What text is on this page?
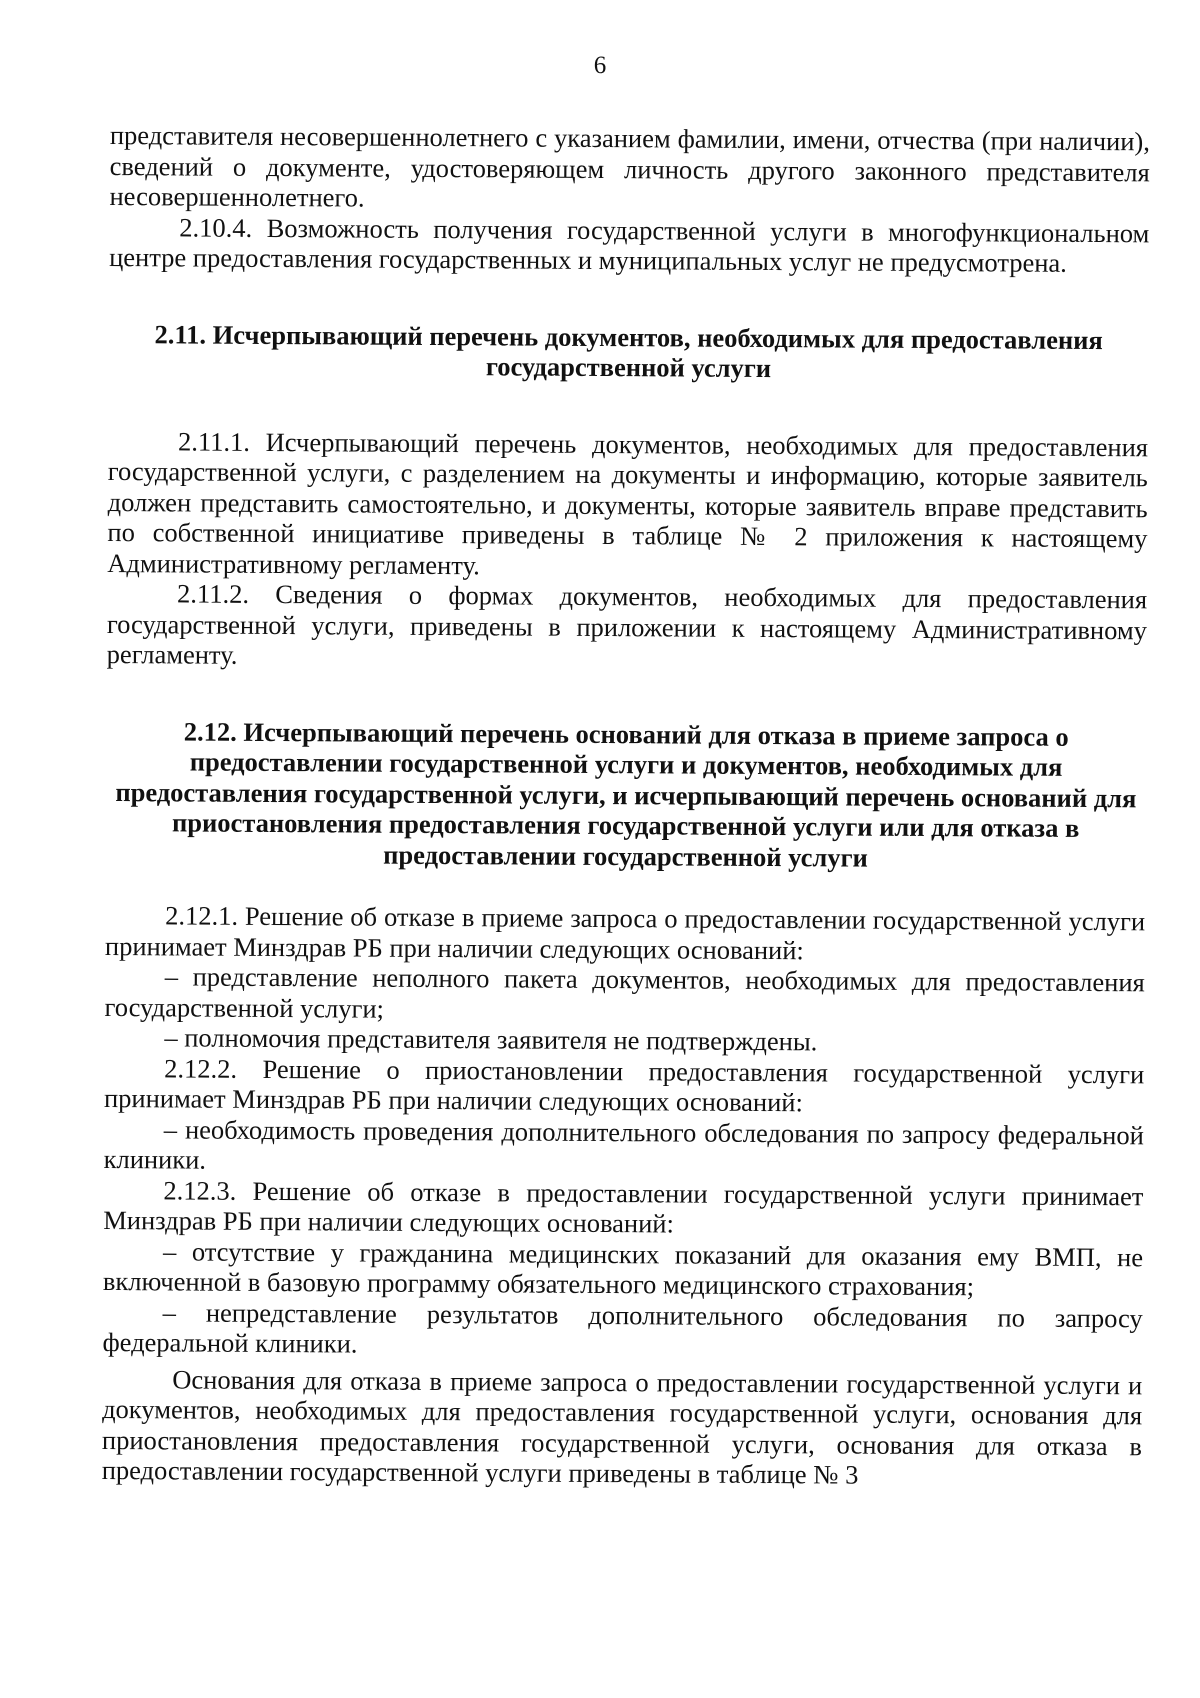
6

представителя несовершеннолетнего с указанием фамилии, имени, отчества (при наличии), сведений о документе, удостоверяющем личность другого законного представителя несовершеннолетнего.

2.10.4. Возможность получения государственной услуги в многофункциональном центре предоставления государственных и муниципальных услуг не предусмотрена.

2.11. Исчерпывающий перечень документов, необходимых для предоставления государственной услуги

2.11.1. Исчерпывающий перечень документов, необходимых для предоставления государственной услуги, с разделением на документы и информацию, которые заявитель должен представить самостоятельно, и документы, которые заявитель вправе представить по собственной инициативе приведены в таблице № 2 приложения к настоящему Административному регламенту.

2.11.2. Сведения о формах документов, необходимых для предоставления государственной услуги, приведены в приложении к настоящему Административному регламенту.

2.12. Исчерпывающий перечень оснований для отказа в приеме запроса о предоставлении государственной услуги и документов, необходимых для предоставления государственной услуги, и исчерпывающий перечень оснований для приостановления предоставления государственной услуги или для отказа в предоставлении государственной услуги

2.12.1. Решение об отказе в приеме запроса о предоставлении государственной услуги принимает Минздрав РБ при наличии следующих оснований:

– представление неполного пакета документов, необходимых для предоставления государственной услуги;

– полномочия представителя заявителя не подтверждены.

2.12.2. Решение о приостановлении предоставления государственной услуги принимает Минздрав РБ при наличии следующих оснований:

– необходимость проведения дополнительного обследования по запросу федеральной клиники.

2.12.3. Решение об отказе в предоставлении государственной услуги принимает Минздрав РБ при наличии следующих оснований:

– отсутствие у гражданина медицинских показаний для оказания ему ВМП, не включенной в базовую программу обязательного медицинского страхования;

– непредставление результатов дополнительного обследования по запросу федеральной клиники.

Основания для отказа в приеме запроса о предоставлении государственной услуги и документов, необходимых для предоставления государственной услуги, основания для приостановления предоставления государственной услуги, основания для отказа в предоставлении государственной услуги приведены в таблице № 3
